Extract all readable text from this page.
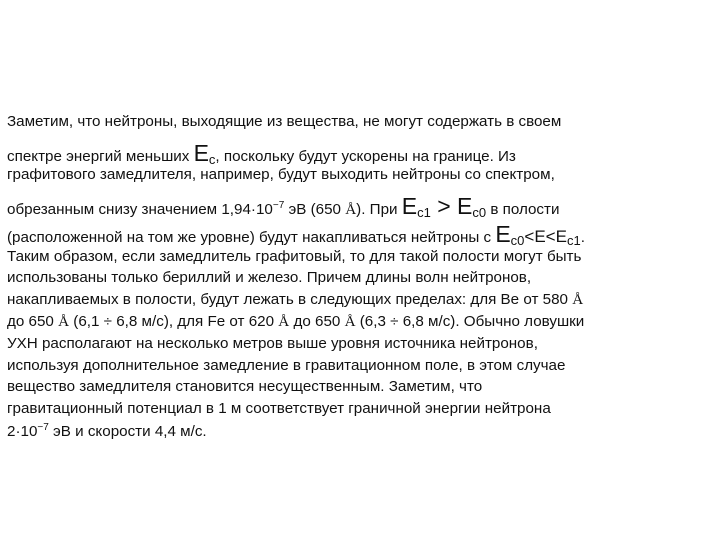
Заметим, что нейтроны, выходящие из вещества, не могут содержать в своем
спектре энергий меньших Eс, поскольку будут ускорены на границе. Из
графитового замедлителя, например, будут выходить нейтроны со спектром,
обрезанным снизу значением $1,94\cdot 10^{-7}$ эВ (650 Å). При Eс1 > Eс0 в полости
(расположенной на том же уровне) будут накапливаться нейтроны с Eс0<E<Eс1.
Таким образом, если замедлитель графитовый, то для такой полости могут быть
использованы только бериллий и железо. Причем длины волн нейтронов,
накапливаемых в полости, будут лежать в следующих пределах: для Be от 580 Å
до 650 Å (6,1 ÷ 6,8 м/с), для Fe от 620 Å до 650 Å (6,3 ÷ 6,8 м/с). Обычно ловушки
УХН располагают на несколько метров выше уровня источника нейтронов,
используя дополнительное замедление в гравитационном поле, в этом случае
вещество замедлителя становится несущественным. Заметим, что
гравитационный потенциал в 1 м соответствует граничной энергии нейтрона
$2\cdot 10^{-7}$ эВ и скорости 4,4 м/с.
